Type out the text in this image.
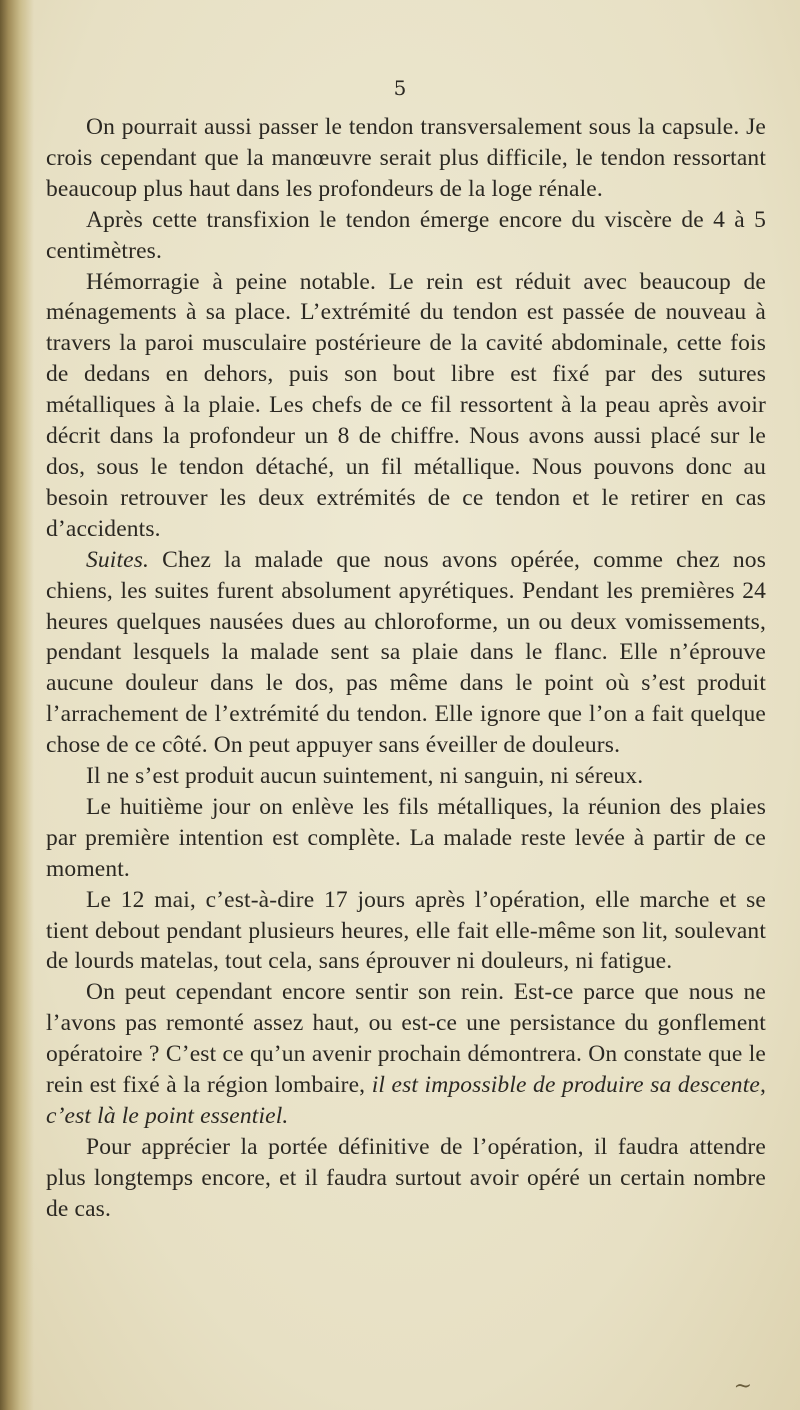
5

On pourrait aussi passer le tendon transversalement sous la capsule. Je crois cependant que la manœuvre serait plus difficile, le tendon ressortant beaucoup plus haut dans les profondeurs de la loge rénale.

Après cette transfixion le tendon émerge encore du viscère de 4 à 5 centimètres.

Hémorragie à peine notable. Le rein est réduit avec beaucoup de ménagements à sa place. L’extrémité du tendon est passée de nouveau à travers la paroi musculaire postérieure de la cavité abdominale, cette fois de dedans en dehors, puis son bout libre est fixé par des sutures métalliques à la plaie. Les chefs de ce fil ressortent à la peau après avoir décrit dans la profondeur un 8 de chiffre. Nous avons aussi placé sur le dos, sous le tendon détaché, un fil métallique. Nous pouvons donc au besoin retrouver les deux extrémités de ce tendon et le retirer en cas d’accidents.

Suites. Chez la malade que nous avons opérée, comme chez nos chiens, les suites furent absolument apyrétiques. Pendant les premières 24 heures quelques nausées dues au chloroforme, un ou deux vomissements, pendant lesquels la malade sent sa plaie dans le flanc. Elle n’éprouve aucune douleur dans le dos, pas même dans le point où s’est produit l’arrachement de l’extrémité du tendon. Elle ignore que l’on a fait quelque chose de ce côté. On peut appuyer sans éveiller de douleurs.

Il ne s’est produit aucun suintement, ni sanguin, ni séreux.

Le huitième jour on enlève les fils métalliques, la réunion des plaies par première intention est complète. La malade reste levée à partir de ce moment.

Le 12 mai, c’est-à-dire 17 jours après l’opération, elle marche et se tient debout pendant plusieurs heures, elle fait elle-même son lit, soulevant de lourds matelas, tout cela, sans éprouver ni douleurs, ni fatigue.

On peut cependant encore sentir son rein. Est-ce parce que nous ne l’avons pas remonté assez haut, ou est-ce une persistance du gonflement opératoire ? C’est ce qu’un avenir prochain démontrera. On constate que le rein est fixé à la région lombaire, il est impossible de produire sa descente, c’est là le point essentiel.

Pour apprécier la portée définitive de l’opération, il faudra attendre plus longtemps encore, et il faudra surtout avoir opéré un certain nombre de cas.

~
